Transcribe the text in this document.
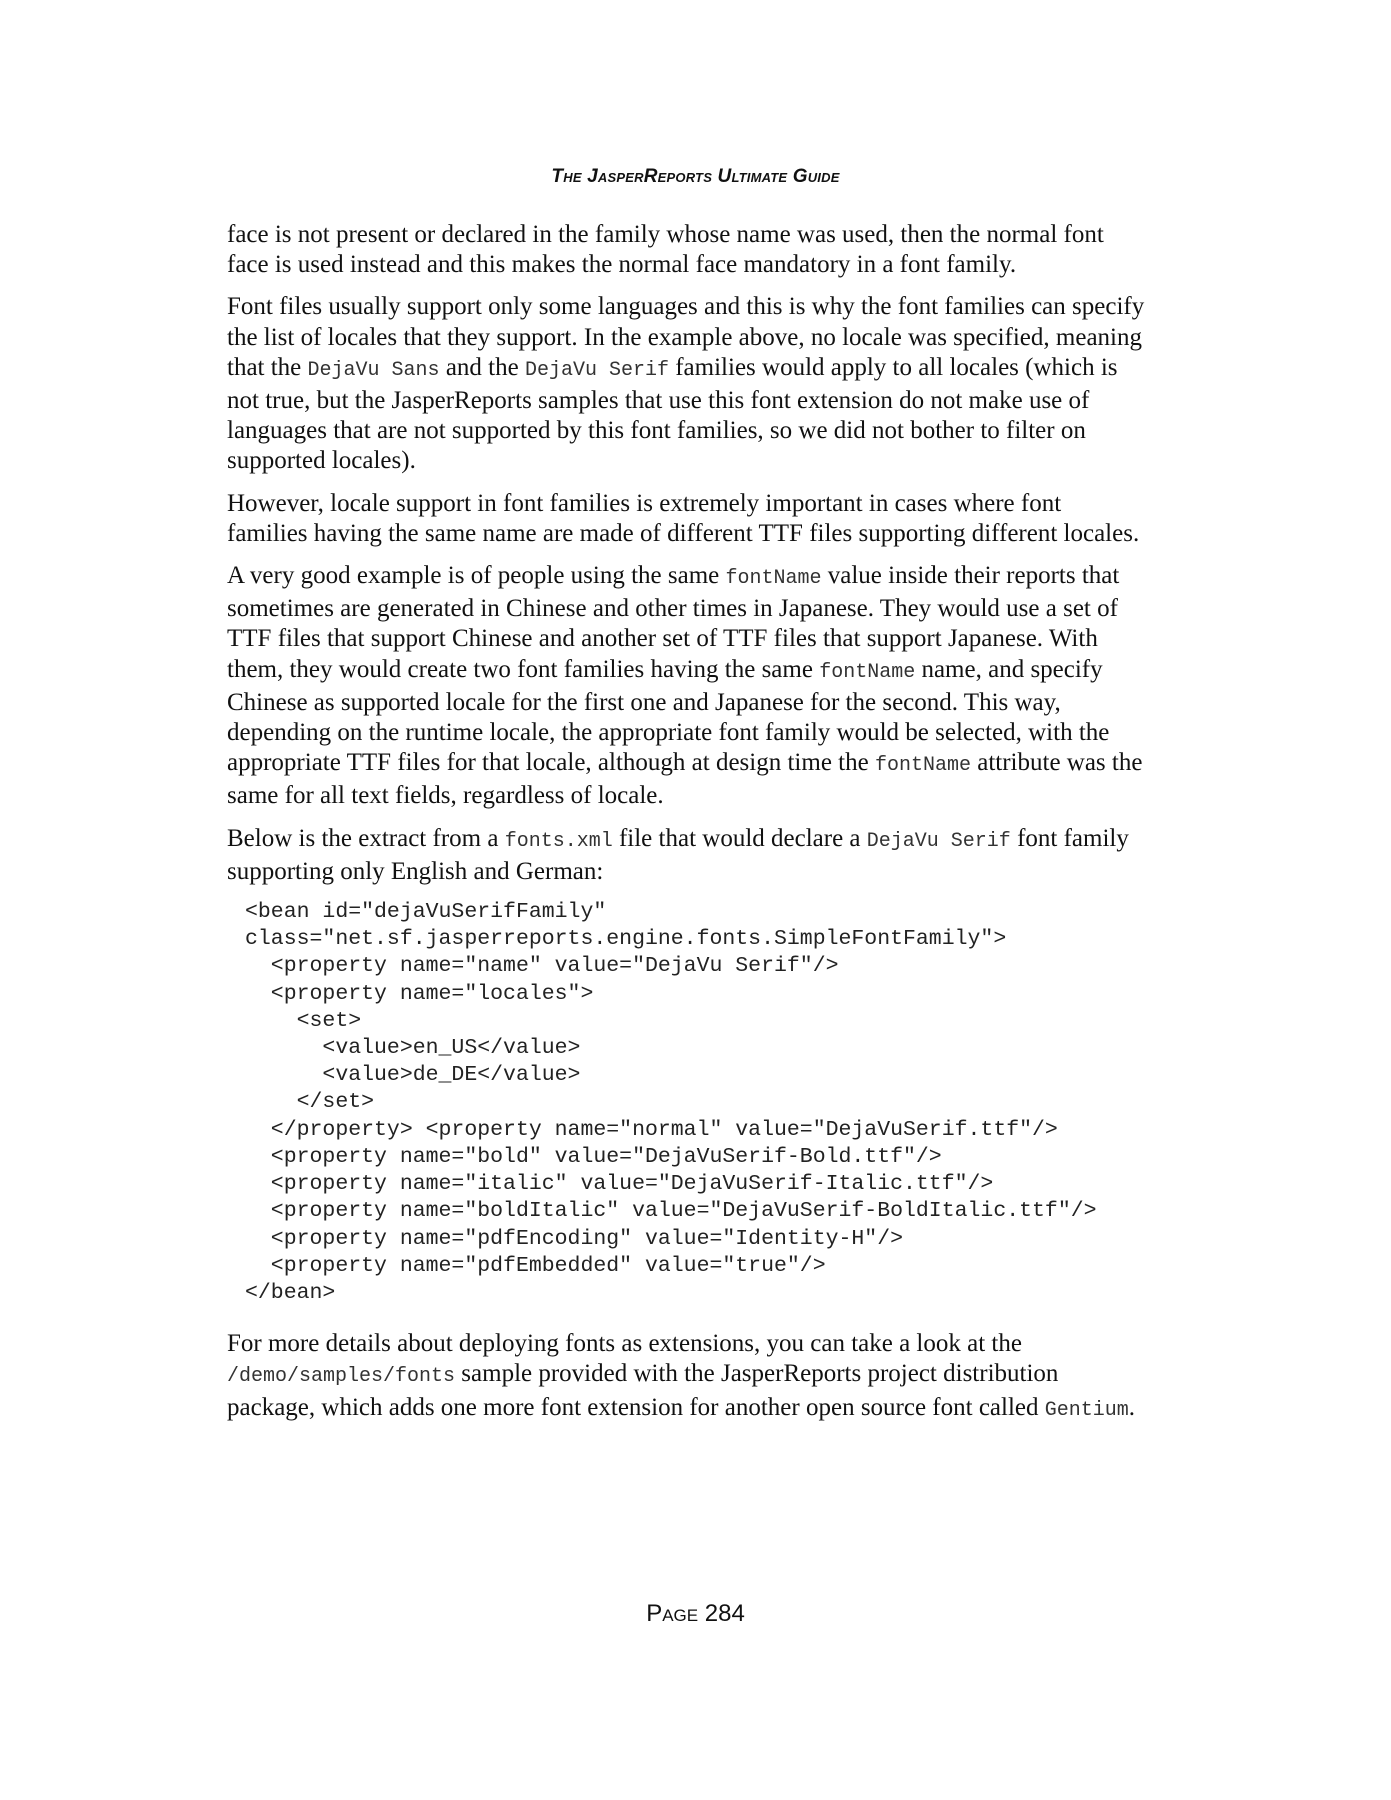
The JasperReports Ultimate Guide

face is not present or declared in the family whose name was used, then the normal font face is used instead and this makes the normal face mandatory in a font family.

Font files usually support only some languages and this is why the font families can specify the list of locales that they support. In the example above, no locale was specified, meaning that the DejaVu Sans and the DejaVu Serif families would apply to all locales (which is not true, but the JasperReports samples that use this font extension do not make use of languages that are not supported by this font families, so we did not bother to filter on supported locales).

However, locale support in font families is extremely important in cases where font families having the same name are made of different TTF files supporting different locales.

A very good example is of people using the same fontName value inside their reports that sometimes are generated in Chinese and other times in Japanese. They would use a set of TTF files that support Chinese and another set of TTF files that support Japanese. With them, they would create two font families having the same fontName name, and specify Chinese as supported locale for the first one and Japanese for the second. This way, depending on the runtime locale, the appropriate font family would be selected, with the appropriate TTF files for that locale, although at design time the fontName attribute was the same for all text fields, regardless of locale.

Below is the extract from a fonts.xml file that would declare a DejaVu Serif font family supporting only English and German:

<bean id="dejaVuSerifFamily"
class="net.sf.jasperreports.engine.fonts.SimpleFontFamily">
<property name="name" value="DejaVu Serif"/>
<property name="locales">
<set>
<value>en_US</value>
<value>de_DE</value>
</set>
</property> <property name="normal" value="DejaVuSerif.ttf"/>
<property name="bold" value="DejaVuSerif-Bold.ttf"/>
<property name="italic" value="DejaVuSerif-Italic.ttf"/>
<property name="boldItalic" value="DejaVuSerif-BoldItalic.ttf"/>
<property name="pdfEncoding" value="Identity-H"/>
<property name="pdfEmbedded" value="true"/>
</bean>

For more details about deploying fonts as extensions, you can take a look at the /demo/samples/fonts sample provided with the JasperReports project distribution package, which adds one more font extension for another open source font called Gentium.

Page 284
